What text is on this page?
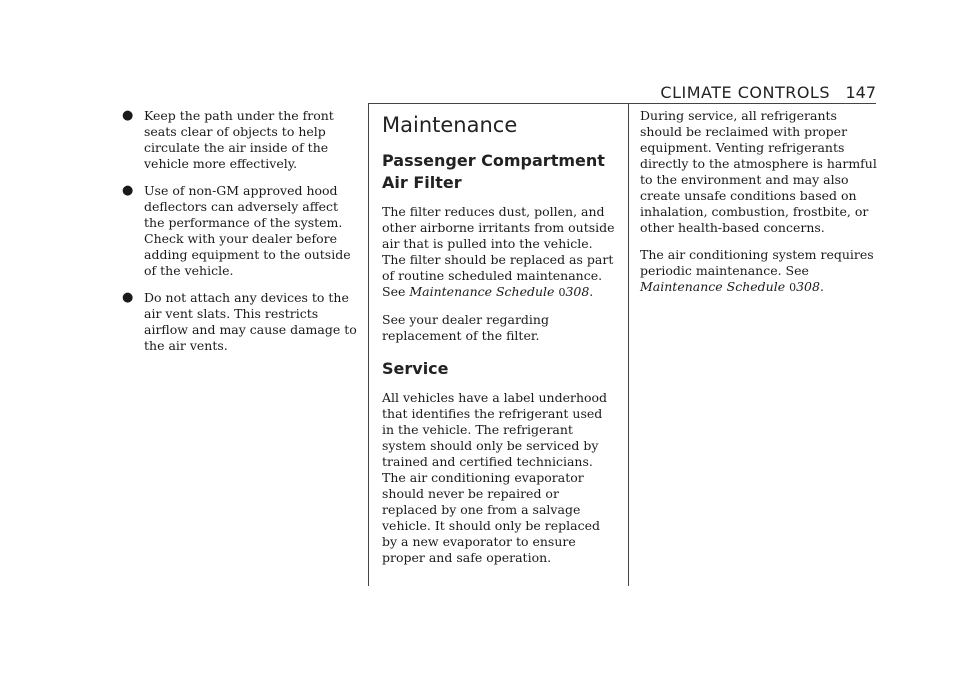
CLIMATE CONTROLS 147
● Keep the path under the front seats clear of objects to help circulate the air inside of the vehicle more effectively.
● Use of non-GM approved hood deflectors can adversely affect the performance of the system. Check with your dealer before adding equipment to the outside of the vehicle.
● Do not attach any devices to the air vent slats. This restricts airflow and may cause damage to the air vents.
Maintenance
Passenger Compartment Air Filter

The filter reduces dust, pollen, and other airborne irritants from outside air that is pulled into the vehicle. The filter should be replaced as part of routine scheduled maintenance. See Maintenance Schedule 0308.

See your dealer regarding replacement of the filter.

Service

All vehicles have a label underhood that identifies the refrigerant used in the vehicle. The refrigerant system should only be serviced by trained and certified technicians. The air conditioning evaporator should never be repaired or replaced by one from a salvage vehicle. It should only be replaced by a new evaporator to ensure proper and safe operation.

During service, all refrigerants should be reclaimed with proper equipment. Venting refrigerants directly to the atmosphere is harmful to the environment and may also create unsafe conditions based on inhalation, combustion, frostbite, or other health-based concerns.

The air conditioning system requires periodic maintenance. See Maintenance Schedule 0308.
